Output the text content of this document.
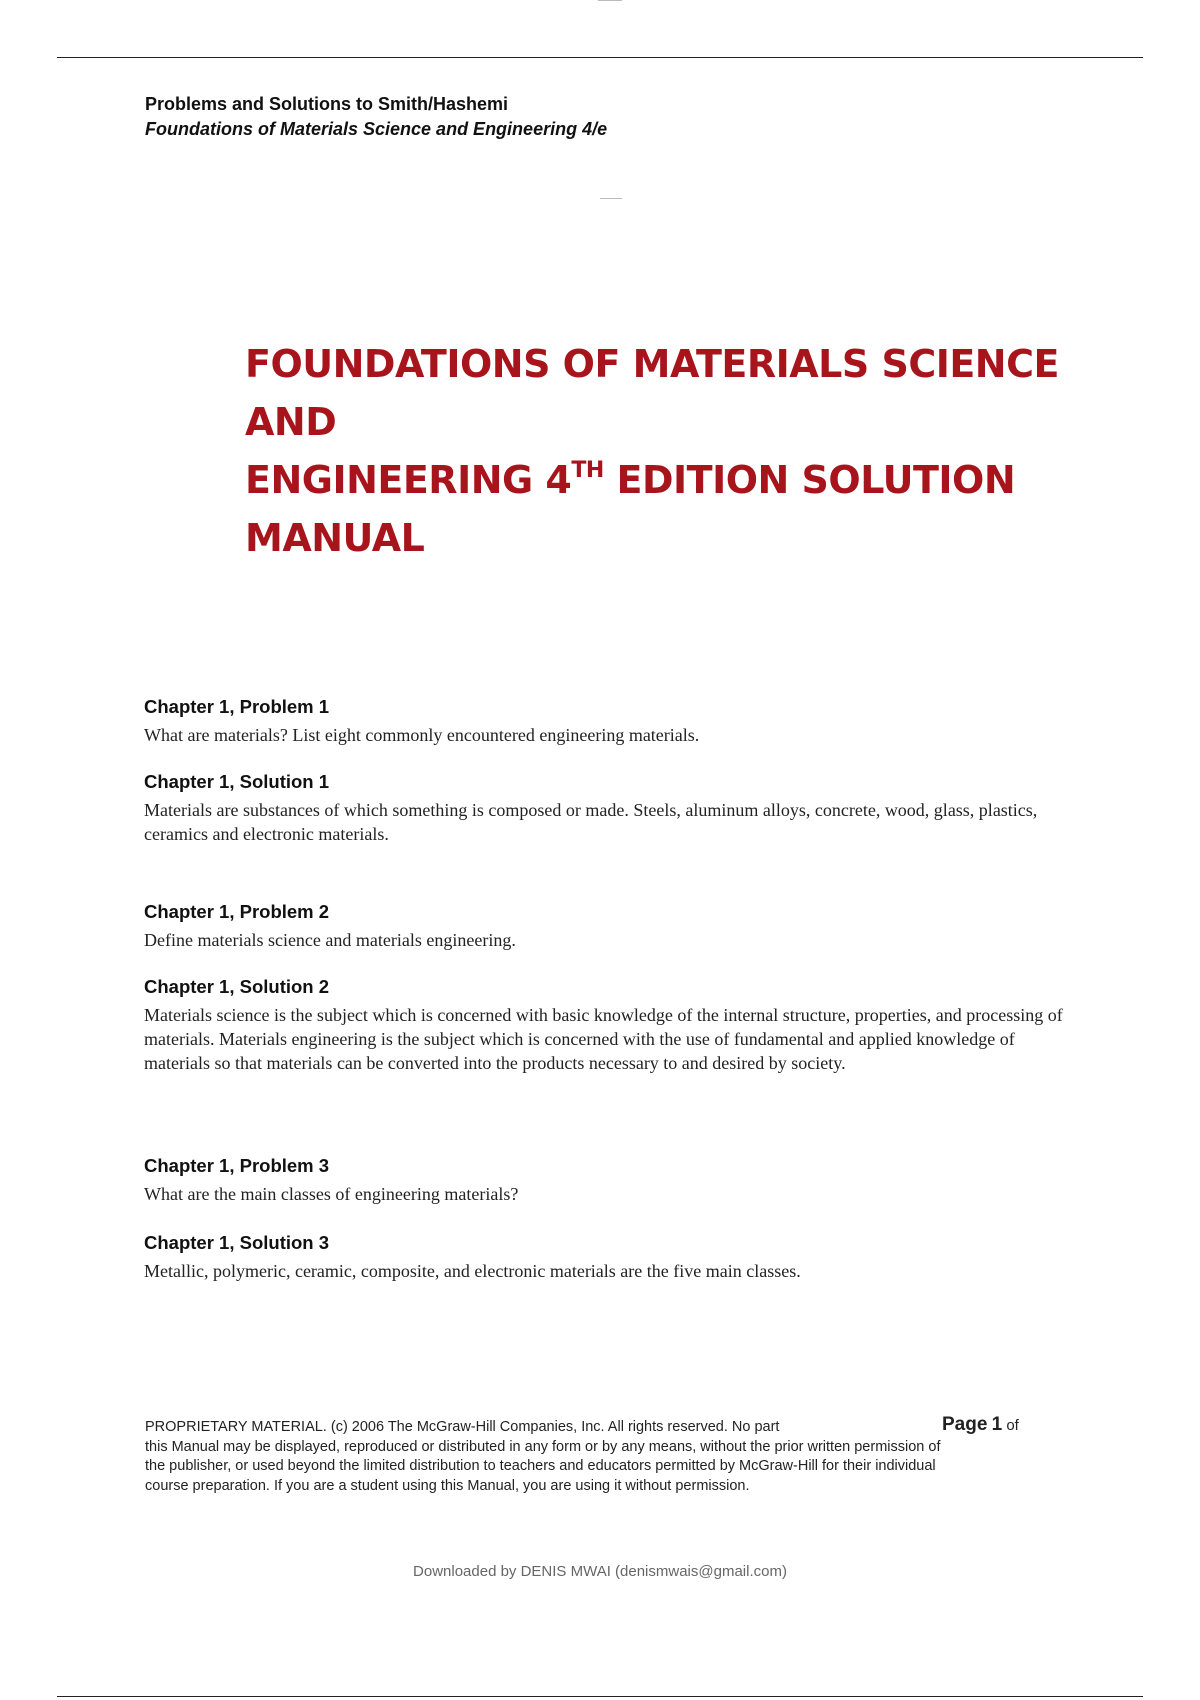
Problems and Solutions to Smith/Hashemi
Foundations of Materials Science and Engineering 4/e
FOUNDATIONS OF MATERIALS SCIENCE AND
ENGINEERING 4TH EDITION SOLUTION
MANUAL
Chapter 1, Problem 1
What are materials? List eight commonly encountered engineering materials.
Chapter 1, Solution 1
Materials are substances of which something is composed or made. Steels, aluminum alloys, concrete, wood, glass, plastics, ceramics and electronic materials.
Chapter 1, Problem 2
Define materials science and materials engineering.
Chapter 1, Solution 2
Materials science is the subject which is concerned with basic knowledge of the internal structure, properties, and processing of materials. Materials engineering is the subject which is concerned with the use of fundamental and applied knowledge of materials so that materials can be converted into the products necessary to and desired by society.
Chapter 1, Problem 3
What are the main classes of engineering materials?
Chapter 1, Solution 3
Metallic, polymeric, ceramic, composite, and electronic materials are the five main classes.
PROPRIETARY MATERIAL. (c) 2006 The McGraw-Hill Companies, Inc. All rights reserved. No part
this Manual may be displayed, reproduced or distributed in any form or by any means, without the prior written permission of
the publisher, or used beyond the limited distribution to teachers and educators permitted by McGraw-Hill for their individual
course preparation. If you are a student using this Manual, you are using it without permission.
Page 1 of
Downloaded by DENIS MWAI (denismwais@gmail.com)
